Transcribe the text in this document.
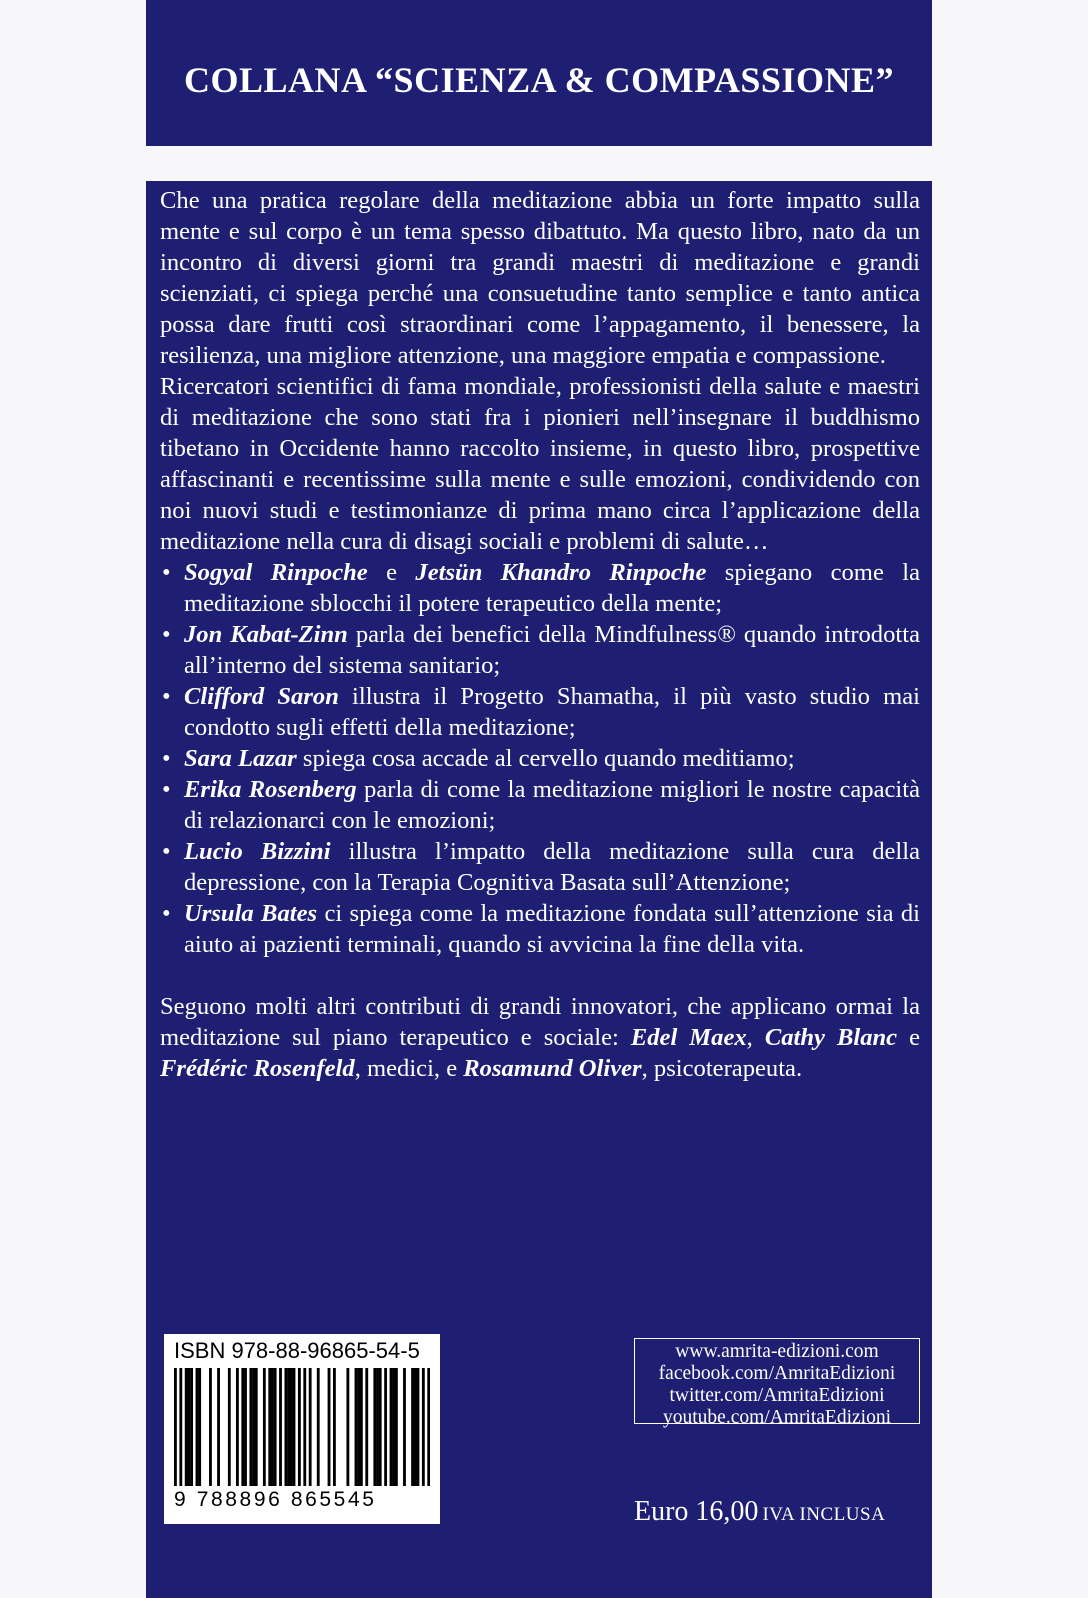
COLLANA “SCIENZA & COMPASSIONE”

Che una pratica regolare della meditazione abbia un forte impatto sulla mente e sul corpo è un tema spesso dibattuto. Ma questo libro, nato da un incontro di diversi giorni tra grandi maestri di meditazione e grandi scienziati, ci spiega perché una consuetudine tanto semplice e tanto antica possa dare frutti così straordinari come l’appagamento, il benessere, la resilienza, una migliore attenzione, una maggiore empatia e compassione.

Ricercatori scientifici di fama mondiale, professionisti della salute e maestri di meditazione che sono stati fra i pionieri nell’insegnare il buddhismo tibetano in Occidente hanno raccolto insieme, in questo libro, prospettive affascinanti e recentissime sulla mente e sulle emozioni, condividendo con noi nuovi studi e testimonianze di prima mano circa l’applicazione della meditazione nella cura di disagi sociali e problemi di salute…

• Sogyal Rinpoche e Jetsün Khandro Rinpoche spiegano come la meditazione sblocchi il potere terapeutico della mente;
• Jon Kabat-Zinn parla dei benefici della Mindfulness® quando introdotta all’interno del sistema sanitario;
• Clifford Saron illustra il Progetto Shamatha, il più vasto studio mai condotto sugli effetti della meditazione;
• Sara Lazar spiega cosa accade al cervello quando meditiamo;
• Erika Rosenberg parla di come la meditazione migliori le nostre capacità di relazionarci con le emozioni;
• Lucio Bizzini illustra l’impatto della meditazione sulla cura della depressione, con la Terapia Cognitiva Basata sull’Attenzione;
• Ursula Bates ci spiega come la meditazione fondata sull’attenzione sia di aiuto ai pazienti terminali, quando si avvicina la fine della vita.

Seguono molti altri contributi di grandi innovatori, che applicano ormai la meditazione sul piano terapeutico e sociale: Edel Maex, Cathy Blanc e Frédéric Rosenfeld, medici, e Rosamund Oliver, psicoterapeuta.

ISBN 978-88-96865-54-5
9 788896 865545
www.amrita-edizioni.com
facebook.com/AmritaEdizioni
twitter.com/AmritaEdizioni
youtube.com/AmritaEdizioni
Euro 16,00 IVA INCLUSA
